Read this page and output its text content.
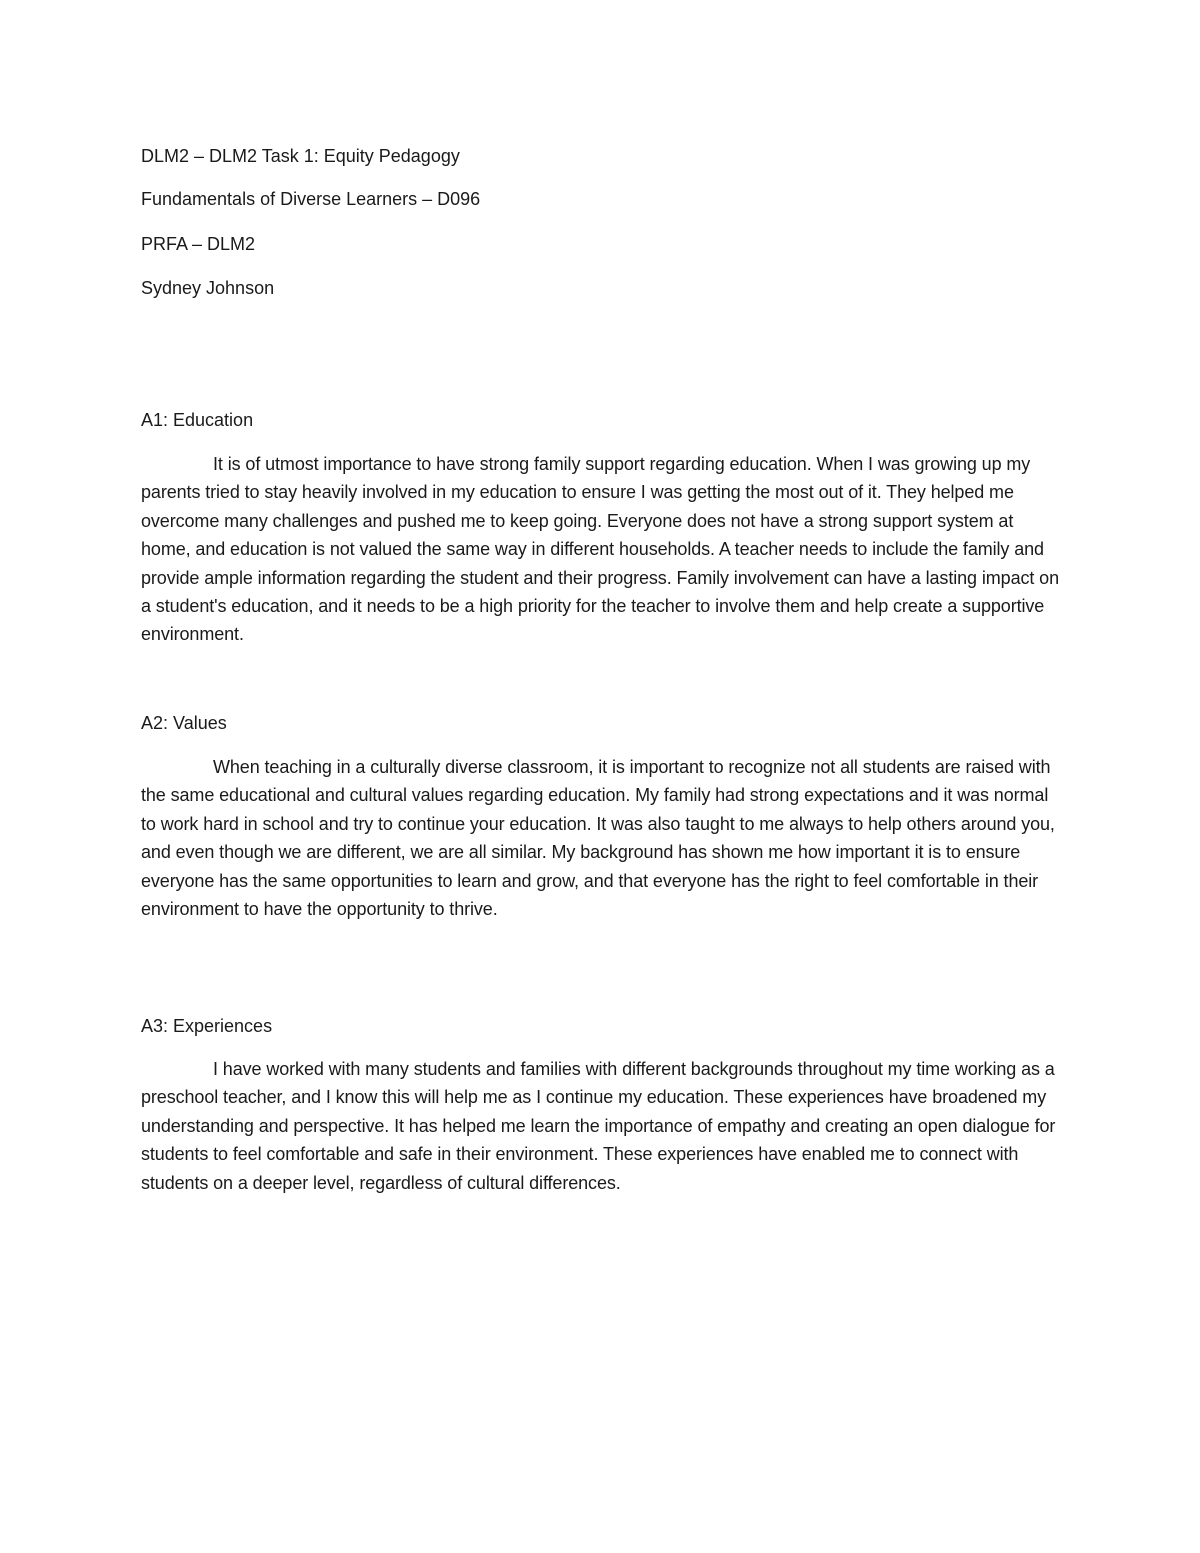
DLM2 – DLM2 Task 1: Equity Pedagogy
Fundamentals of Diverse Learners – D096
PRFA – DLM2
Sydney Johnson
A1: Education

It is of utmost importance to have strong family support regarding education. When I was growing up my parents tried to stay heavily involved in my education to ensure I was getting the most out of it. They helped me overcome many challenges and pushed me to keep going. Everyone does not have a strong support system at home, and education is not valued the same way in different households. A teacher needs to include the family and provide ample information regarding the student and their progress. Family involvement can have a lasting impact on a student's education, and it needs to be a high priority for the teacher to involve them and help create a supportive environment.

A2: Values

When teaching in a culturally diverse classroom, it is important to recognize not all students are raised with the same educational and cultural values regarding education. My family had strong expectations and it was normal to work hard in school and try to continue your education. It was also taught to me always to help others around you, and even though we are different, we are all similar. My background has shown me how important it is to ensure everyone has the same opportunities to learn and grow, and that everyone has the right to feel comfortable in their environment to have the opportunity to thrive.

A3: Experiences

I have worked with many students and families with different backgrounds throughout my time working as a preschool teacher, and I know this will help me as I continue my education. These experiences have broadened my understanding and perspective. It has helped me learn the importance of empathy and creating an open dialogue for students to feel comfortable and safe in their environment. These experiences have enabled me to connect with students on a deeper level, regardless of cultural differences.
